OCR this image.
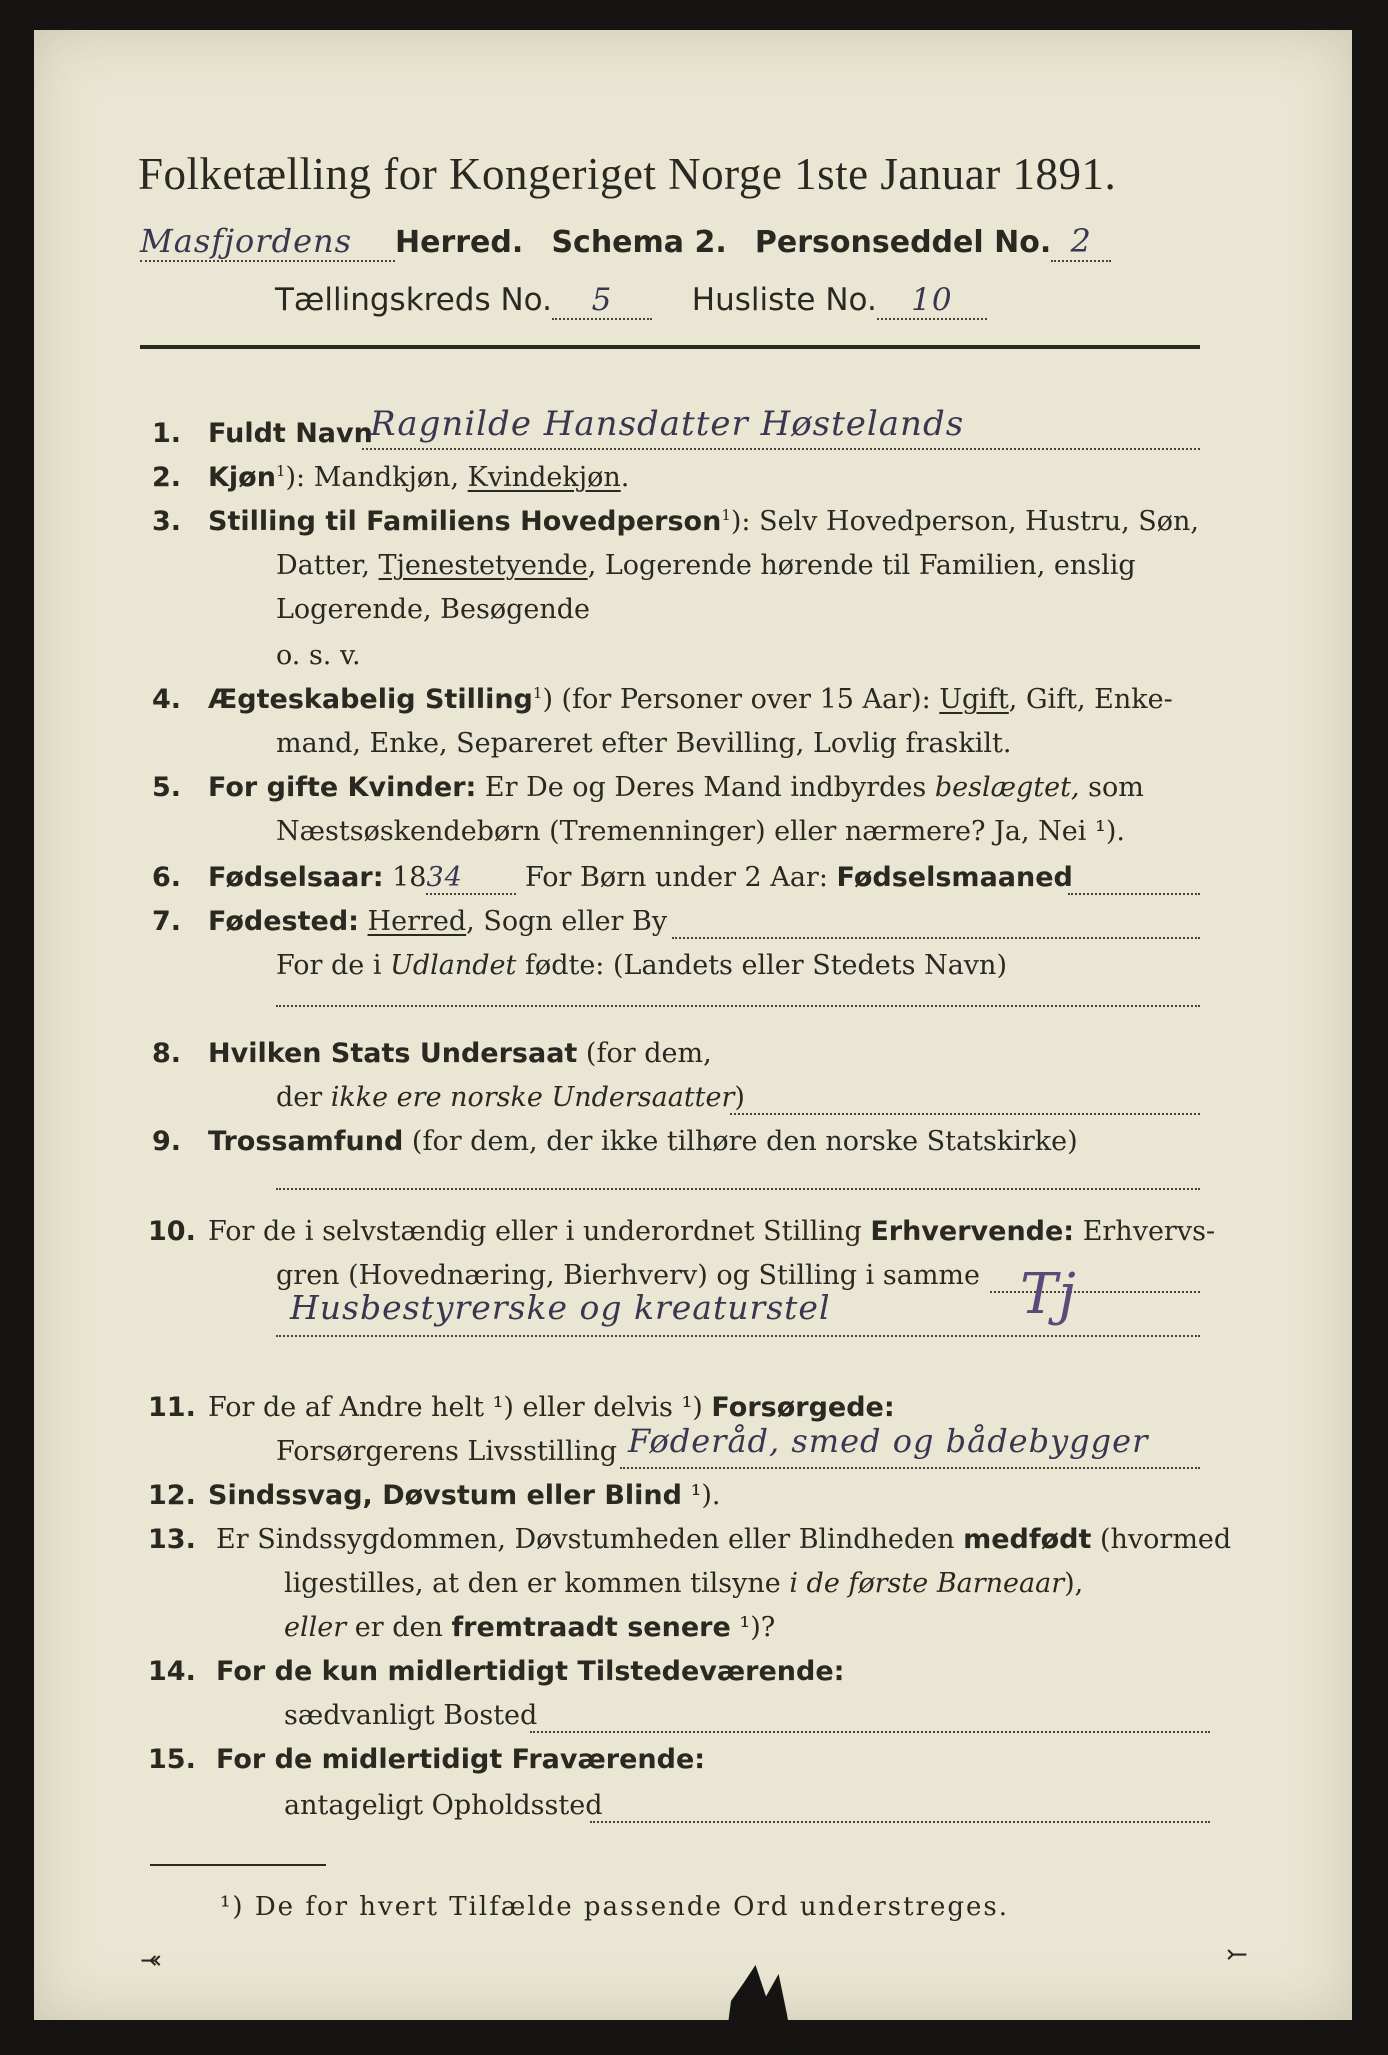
Folketælling for Kongeriget Norge 1ste Januar 1891.
Masfjordens Herred. Schema 2. Personseddel No. 2
Tællingskreds No. 5	Husliste No. 10
1. Fuldt Navn
Ragnilde Hansdatter Høstelands
2. Kjøn$^1$): Mandkjøn, Kvindekjøn.
3. Stilling til Familiens Hovedperson$^1$): Selv Hovedperson, Hustru, Søn,
Datter, Tjenestetyende, Logerende hørende til Familien, enslig
Logerende, Besøgende
o. s. v.
4. Ægteskabelig Stilling$^1$) (for Personer over 15 Aar): Ugift, Gift, Enke-
mand, Enke, Separeret efter Bevilling, Lovlig fraskilt.
5. For gifte Kvinder: Er De og Deres Mand indbyrdes beslægtet, som
Næstsøskendebørn (Tremenninger) eller nærmere? Ja, Nei ¹).
6. Fødselsaar: 1834 For Børn under 2 Aar: Fødselsmaaned
7. Fødested: Herred, Sogn eller By
For de i Udlandet fødte: (Landets eller Stedets Navn)
8. Hvilken Stats Undersaat (for dem,
der ikke ere norske Undersaatter)
9. Trossamfund (for dem, der ikke tilhøre den norske Statskirke)
10. For de i selvstændig eller i underordnet Stilling Erhvervende: Erhvervs-
gren (Hovednæring, Bierhverv) og Stilling i samme
Husbestyrerske og kreaturstel	Tj
11. For de af Andre helt ¹) eller delvis ¹) Forsørgede:
Forsørgerens Livsstilling Føderåd, smed og bådebygger
12. Sindssvag, Døvstum eller Blind ¹).
13. Er Sindssygdommen, Døvstumheden eller Blindheden medfødt (hvormed
ligestilles, at den er kommen tilsyne i de første Barneaar),
eller er den fremtraadt senere ¹)?
14. For de kun midlertidigt Tilstedeværende:
sædvanligt Bosted
15. For de midlertidigt Fraværende:
antageligt Opholdssted
¹) De for hvert Tilfælde passende Ord understreges.
⤛	⤚
